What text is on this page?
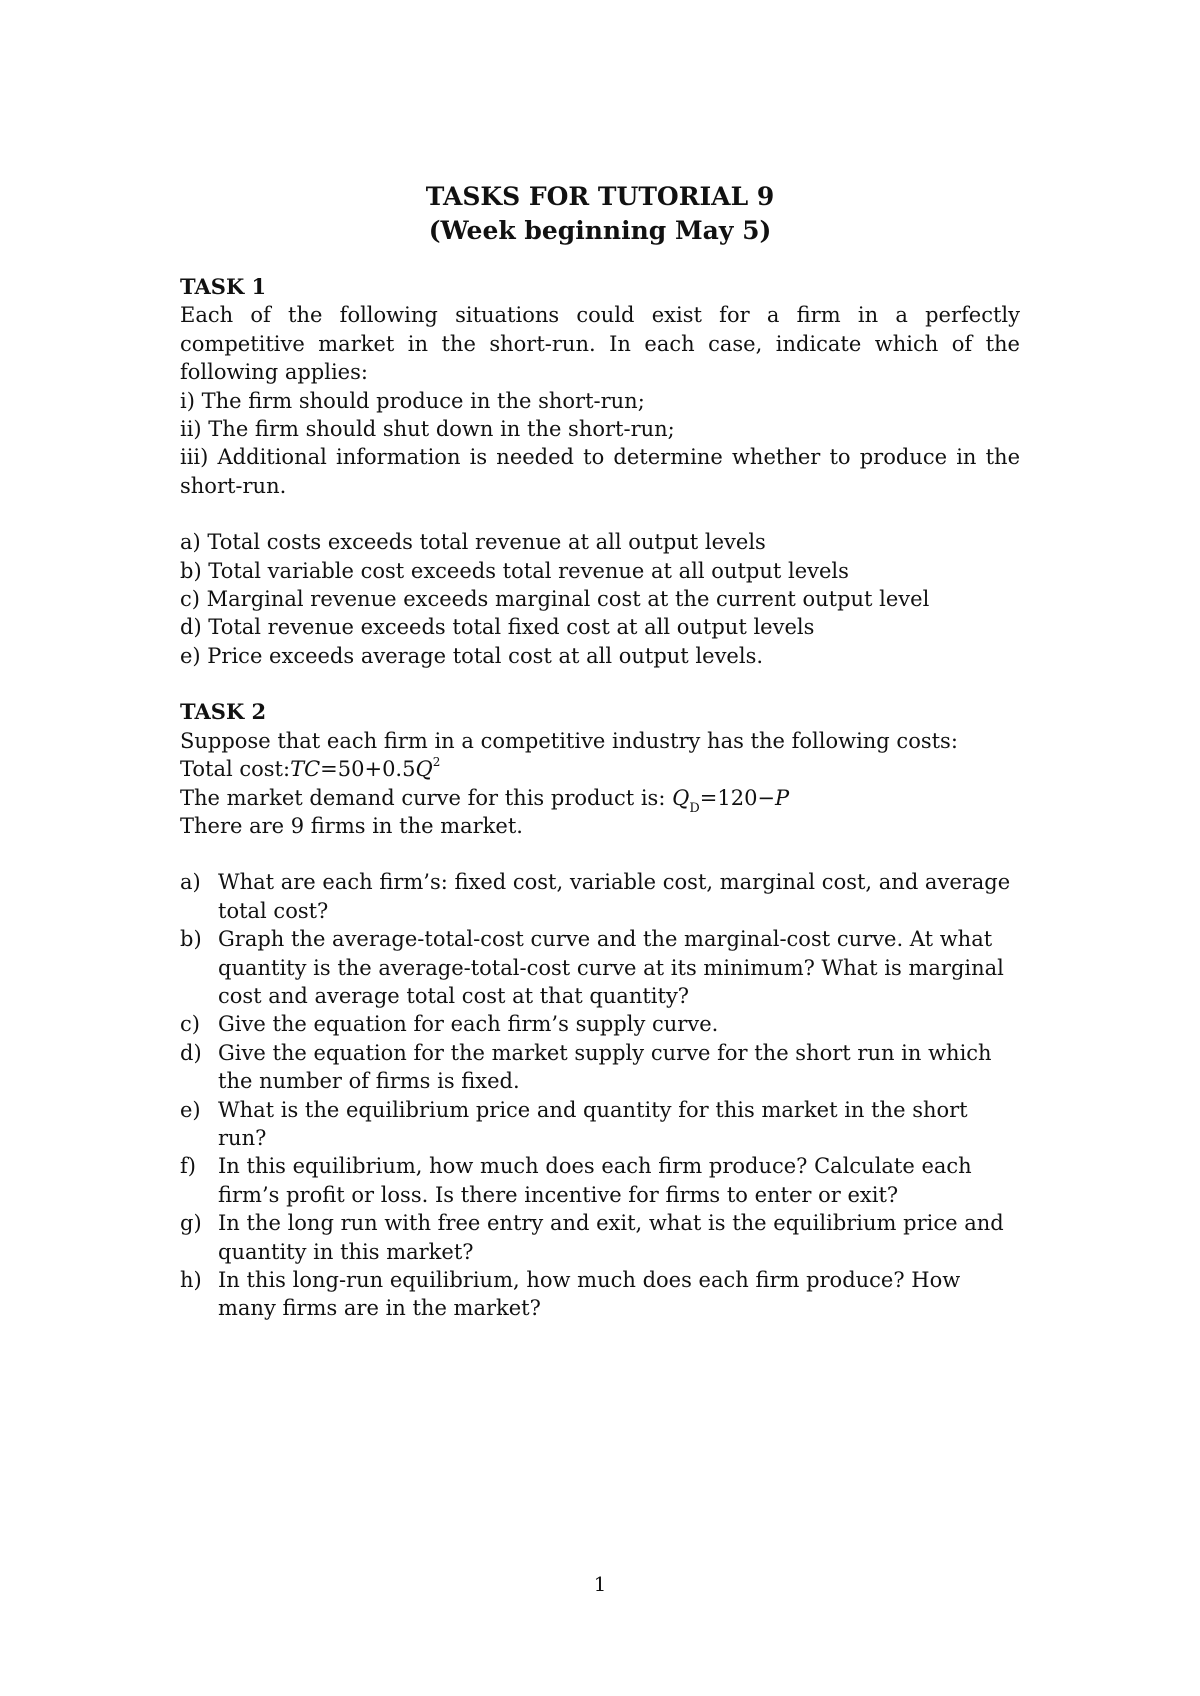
TASKS FOR TUTORIAL 9
(Week beginning May 5)

TASK 1

Each of the following situations could exist for a firm in a perfectly competitive market in the short-run. In each case, indicate which of the following applies:

i) The firm should produce in the short-run;

ii) The firm should shut down in the short-run;

iii) Additional information is needed to determine whether to produce in the short-run.

a) Total costs exceeds total revenue at all output levels

b) Total variable cost exceeds total revenue at all output levels

c) Marginal revenue exceeds marginal cost at the current output level

d) Total revenue exceeds total fixed cost at all output levels

e) Price exceeds average total cost at all output levels.

TASK 2

Suppose that each firm in a competitive industry has the following costs:

Total $\cos t:TC=50+0.5Q^2$

The market demand curve for this product is: $Q_D=120-P$

There are 9 firms in the market.

a) What are each firm’s: fixed cost, variable cost, marginal cost, and average total cost?
b) Graph the average-total-cost curve and the marginal-cost curve. At what quantity is the average-total-cost curve at its minimum? What is marginal cost and average total cost at that quantity?
c) Give the equation for each firm’s supply curve.
d) Give the equation for the market supply curve for the short run in which the number of firms is fixed.
e) What is the equilibrium price and quantity for this market in the short run?
f)	In this equilibrium, how much does each firm produce? Calculate each firm’s profit or loss. Is there incentive for firms to enter or exit?
g) In the long run with free entry and exit, what is the equilibrium price and quantity in this market?
h) In this long-run equilibrium, how much does each firm produce? How many firms are in the market?
1
